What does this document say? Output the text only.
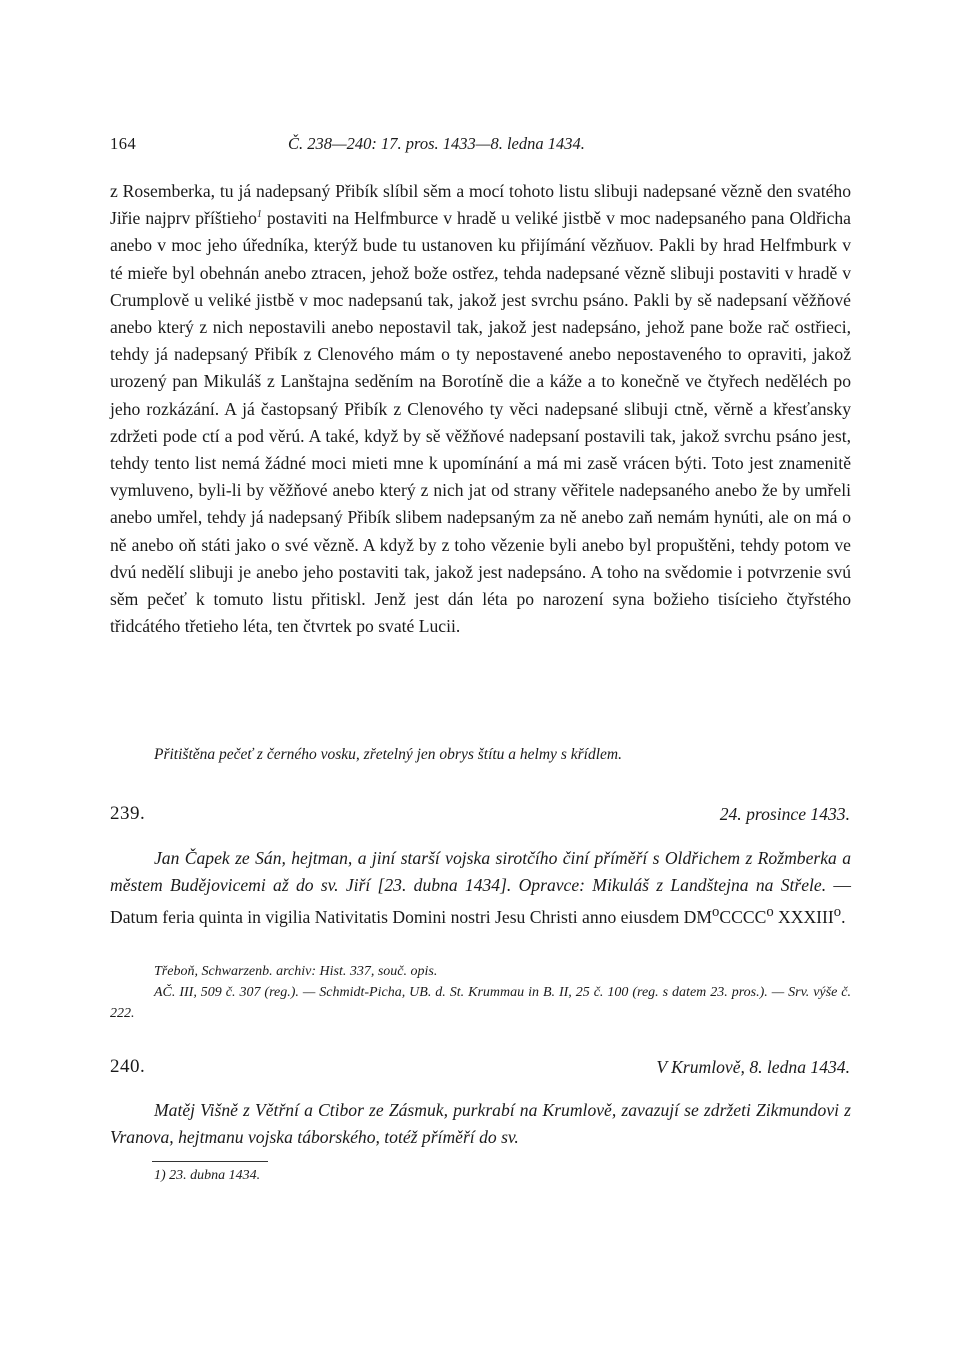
164	Č. 238—240: 17. pros. 1433—8. ledna 1434.

z Rosemberka, tu já nadepsaný Přibík slíbil sěm a mocí tohoto listu slibuji nadepsané vězně den svatého Jiřie najprv příštieho$^1$ postaviti na Helfmburce v hradě u veliké jistbě v moc nadepsaného pana Oldřicha anebo v moc jeho úředníka, kterýž bude tu ustanoven ku přijímání vězňuov. Pakli by hrad Helfmburk v té mieře byl obehnán anebo ztracen, jehož bože ostřez, tehda nadepsané vězně slibuji postaviti v hradě v Crumplově u veliké jistbě v moc nadepsanú tak, jakož jest svrchu psáno. Pakli by sě nadepsaní věžňové anebo který z nich nepostavili anebo nepostavil tak, jakož jest nadepsáno, jehož pane bože rač ostřieci, tehdy já nadepsaný Přibík z Clenového mám o ty nepostavené anebo nepostaveného to opraviti, jakož urozený pan Mikuláš z Lanštajna seděním na Borotíně die a káže a to konečně ve čtyřech neděléch po jeho rozkázání. A já častopsaný Přibík z Clenového ty věci nadepsané slibuji ctně, věrně a křesťansky zdržeti pode ctí a pod věrú. A také, když by sě věžňové nadepsaní postavili tak, jakož svrchu psáno jest, tehdy tento list nemá žádné moci mieti mne k upomínání a má mi zasě vrácen býti. Toto jest znamenitě vymluveno, byli-li by věžňové anebo který z nich jat od strany věřitele nadepsaného anebo že by umřeli anebo umřel, tehdy já nadepsaný Přibík slibem nadepsaným za ně anebo zaň nemám hynúti, ale on má o ně anebo oň státi jako o své vězně. A když by z toho vězenie byli anebo byl propuštěni, tehdy potom ve dvú nedělí slibuji je anebo jeho postaviti tak, jakož jest nadepsáno. A toho na svědomie i potvrzenie svú sěm pečeť k tomuto listu přitiskl. Jenž jest dán léta po narození syna božieho tisícieho čtyřstého třidcátého třetieho léta, ten čtvrtek po svaté Lucii.

Přitištěna pečeť z černého vosku, zřetelný jen obrys štítu a helmy s křídlem.

239.	24. prosince 1433.

Jan Čapek ze Sán, hejtman, a jiní starší vojska sirotčího činí příměří s Oldřichem z Rožmberka a městem Budějovicemi až do sv. Jiří [23. dubna 1434]. Opravce: Mikuláš z Landštejna na Střele. — Datum feria quinta in vigilia Nativitatis Domini nostri Jesu Christi anno eiusdem $DM^oCCCC^o$ XXXIII$^o$.

Třeboň, Schwarzenb. archiv: Hist. 337, souč. opis.
AČ. III, 509 č. 307 (reg.). — Schmidt-Picha, UB. d. St. Krummau in B. II, 25 č. 100 (reg. s datem 23. pros.). — Srv. výše č. 222.

240.	V Krumlově, 8. ledna 1434.

Matěj Višně z Větřní a Ctibor ze Zásmuk, purkrabí na Krumlově, zavazují se zdržeti Zikmundovi z Vranova, hejtmanu vojska táborského, totéž příměří do sv.

1) 23. dubna 1434.
